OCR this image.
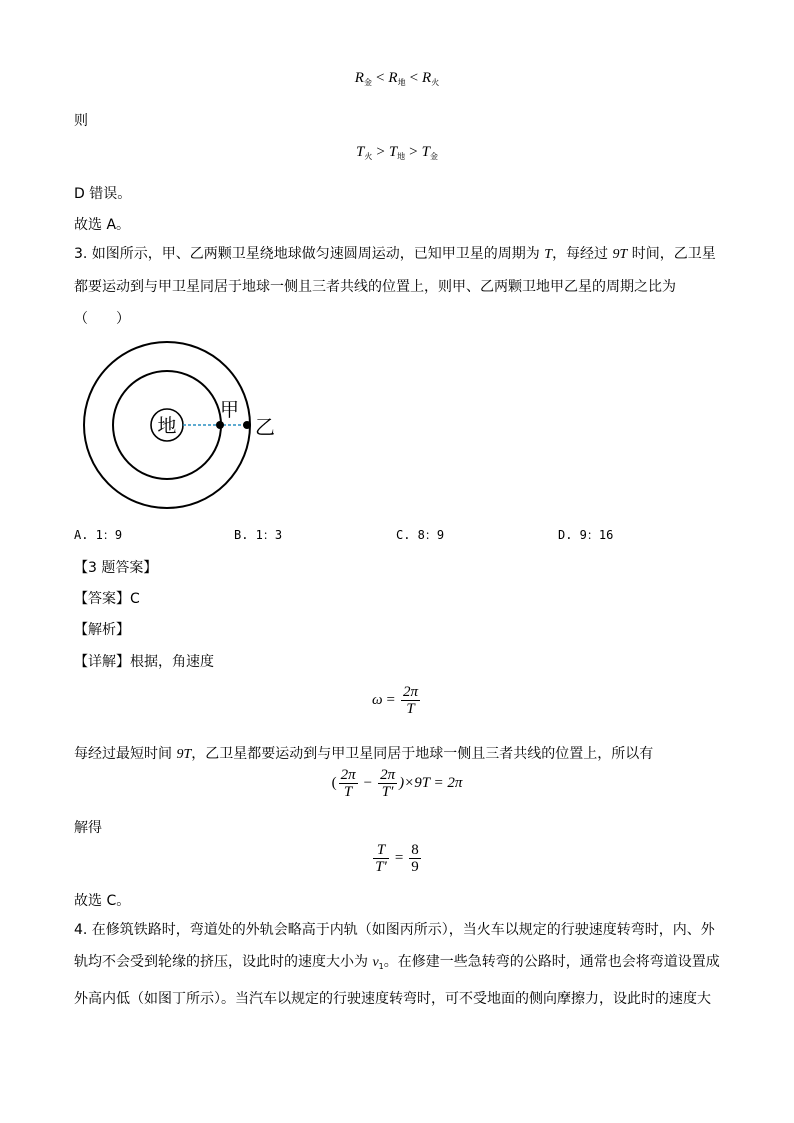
$R_金 < R_地 < R_火$
则
$T_火 > T_地 > T_金$
D 错误。
故选 A。
3. 如图所示，甲、乙两颗卫星绕地球做匀速圆周运动，已知甲卫星的周期为 T，每经过 9T 时间，乙卫星
都要运动到与甲卫星同居于地球一侧且三者共线的位置上，则甲、乙两颗卫地甲乙星的周期之比为
（　　）
地
甲
乙
A. 1：9	B. 1：3	C. 8：9	D. 9：16
【3 题答案】
【答案】C
【解析】
【详解】根据，角速度
$\omega = \frac{2\pi}{T}$
每经过最短时间 9T，乙卫星都要运动到与甲卫星同居于地球一侧且三者共线的位置上，所以有
( $\frac{2\pi}{T} - \frac{2\pi}{T'} )\times 9T = 2\pi$
解得
$\frac{T}{T'} = \frac{8}{9}$
故选 C。
4. 在修筑铁路时，弯道处的外轨会略高于内轨（如图丙所示），当火车以规定的行驶速度转弯时，内、外
轨均不会受到轮缘的挤压，设此时的速度大小为 $v_1$。在修建一些急转弯的公路时，通常也会将弯道设置成
外高内低（如图丁所示）。当汽车以规定的行驶速度转弯时，可不受地面的侧向摩擦力，设此时的速度大
